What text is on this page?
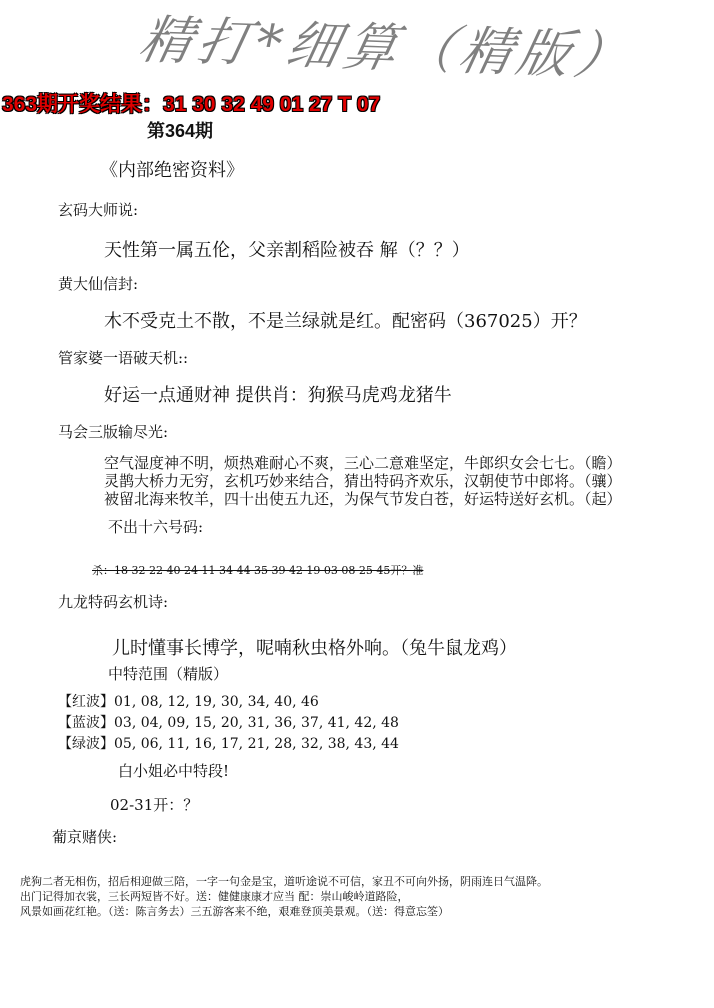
精打*细算（精版）
363期开奖结果：31 30 32 49 01 27 T 07
第364期
《内部绝密资料》
玄码大师说:
天性第一属五伦，父亲割稻险被吞 解（？？）
黄大仙信封:
木不受克土不散，不是兰绿就是红。配密码（367025）开？
管家婆一语破天机::
好运一点通财神 提供肖：狗猴马虎鸡龙猪牛
马会三版输尽光:
空气湿度神不明，烦热难耐心不爽，三心二意难坚定，牛郎织女会七七。（瞻）
灵鹊大桥力无穷，玄机巧妙来结合，猜出特码齐欢乐，汉朝使节中郎将。（骧）
被留北海来牧羊，四十出使五九还，为保气节发白苍，好运特送好玄机。（起）
不出十六号码:
杀：18 32 22 40 24 11 34 44 35 39 42 19 03 08 25 45开？准
九龙特码玄机诗:
儿时懂事长博学，呢喃秋虫格外响。（兔牛鼠龙鸡）
中特范围（精版）
【红波】01, 08, 12, 19, 30, 34, 40, 46
【蓝波】03, 04, 09, 15, 20, 31, 36, 37, 41, 42, 48
【绿波】05, 06, 11, 16, 17, 21, 28, 32, 38, 43, 44
白小姐必中特段!
02-31开：？
葡京赌侠:
虎狗二者无相伤，招后相迎做三陪，一字一句金是宝，道听途说不可信，家丑不可向外扬，阴雨连日气温降。
出门记得加衣裳，三长两短皆不好。送：健健康康才应当 配：崇山峻岭道路险，
风景如画花红艳。（送：陈言务去）三五游客来不绝，艰难登顶美景观。（送：得意忘筌）
